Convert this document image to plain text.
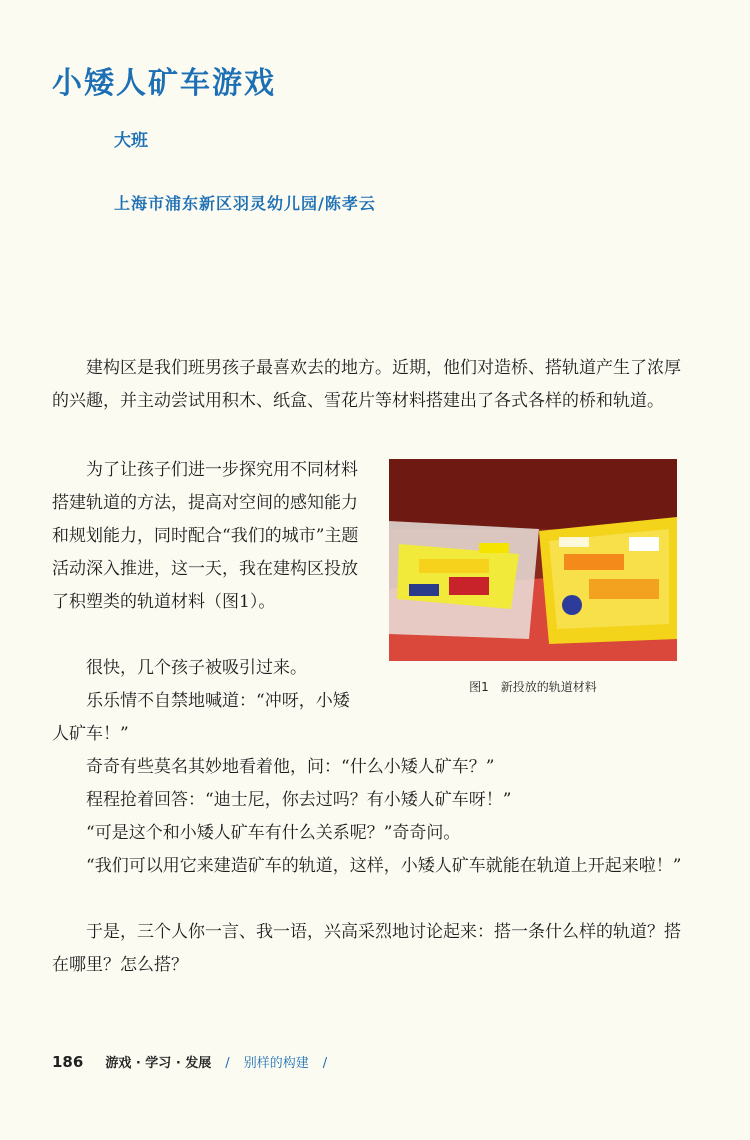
小矮人矿车游戏
大班
上海市浦东新区羽灵幼儿园/陈孝云

建构区是我们班男孩子最喜欢去的地方。近期，他们对造桥、搭轨道产生了浓厚的兴趣，并主动尝试用积木、纸盒、雪花片等材料搭建出了各式各样的桥和轨道。

为了让孩子们进一步探究用不同材料搭建轨道的方法，提高对空间的感知能力和规划能力，同时配合“我们的城市”主题活动深入推进，这一天，我在建构区投放了积塑类的轨道材料（图1）。

很快，几个孩子被吸引过来。

乐乐情不自禁地喊道：“冲呀，小矮人矿车！”

奇奇有些莫名其妙地看着他，问：“什么小矮人矿车？”

程程抢着回答：“迪士尼，你去过吗？有小矮人矿车呀！”

“可是这个和小矮人矿车有什么关系呢？”奇奇问。

“我们可以用它来建造矿车的轨道，这样，小矮人矿车就能在轨道上开起来啦！”

于是，三个人你一言、我一语，兴高采烈地讨论起来：搭一条什么样的轨道？搭在哪里？怎么搭？

图1　新投放的轨道材料
186 游戏 · 学习 · 发展 / 别样的构建 /
